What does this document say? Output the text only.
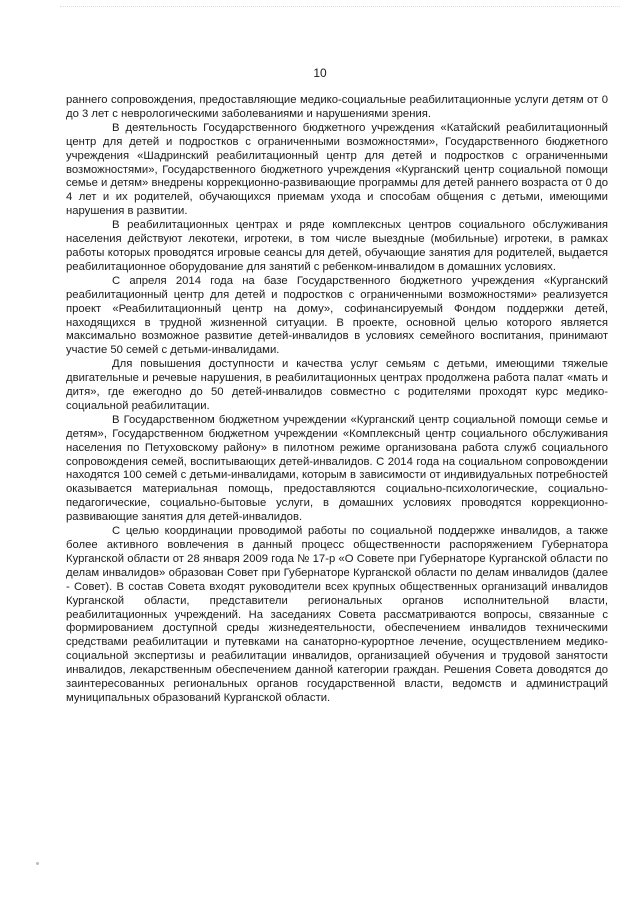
10

раннего сопровождения, предоставляющие медико-социальные реабилитационные услуги детям от 0 до 3 лет с неврологическими заболеваниями и нарушениями зрения.

В деятельность Государственного бюджетного учреждения «Катайский реабилитационный центр для детей и подростков с ограниченными возможностями», Государственного бюджетного учреждения «Шадринский реабилитационный центр для детей и подростков с ограниченными возможностями», Государственного бюджетного учреждения «Курганский центр социальной помощи семье и детям» внедрены коррекционно-развивающие программы для детей раннего возраста от 0 до 4 лет и их родителей, обучающихся приемам ухода и способам общения с детьми, имеющими нарушения в развитии.

В реабилитационных центрах и ряде комплексных центров социального обслуживания населения действуют лекотеки, игротеки, в том числе выездные (мобильные) игротеки, в рамках работы которых проводятся игровые сеансы для детей, обучающие занятия для родителей, выдается реабилитационное оборудование для занятий с ребенком-инвалидом в домашних условиях.

С апреля 2014 года на базе Государственного бюджетного учреждения «Курганский реабилитационный центр для детей и подростков с ограниченными возможностями» реализуется проект «Реабилитационный центр на дому», софинансируемый Фондом поддержки детей, находящихся в трудной жизненной ситуации. В проекте, основной целью которого является максимально возможное развитие детей-инвалидов в условиях семейного воспитания, принимают участие 50 семей с детьми-инвалидами.

Для повышения доступности и качества услуг семьям с детьми, имеющими тяжелые двигательные и речевые нарушения, в реабилитационных центрах продолжена работа палат «мать и дитя», где ежегодно до 50 детей-инвалидов совместно с родителями проходят курс медико-социальной реабилитации.

В Государственном бюджетном учреждении «Курганский центр социальной помощи семье и детям», Государственном бюджетном учреждении «Комплексный центр социального обслуживания населения по Петуховскому району» в пилотном режиме организована работа служб социального сопровождения семей, воспитывающих детей-инвалидов. С 2014 года на социальном сопровождении находятся 100 семей с детьми-инвалидами, которым в зависимости от индивидуальных потребностей оказывается материальная помощь, предоставляются социально-психологические, социально-педагогические, социально-бытовые услуги, в домашних условиях проводятся коррекционно-развивающие занятия для детей-инвалидов.

С целью координации проводимой работы по социальной поддержке инвалидов, а также более активного вовлечения в данный процесс общественности распоряжением Губернатора Курганской области от 28 января 2009 года № 17-р «О Совете при Губернаторе Курганской области по делам инвалидов» образован Совет при Губернаторе Курганской области по делам инвалидов (далее - Совет). В состав Совета входят руководители всех крупных общественных организаций инвалидов Курганской области, представители региональных органов исполнительной власти, реабилитационных учреждений. На заседаниях Совета рассматриваются вопросы, связанные с формированием доступной среды жизнедеятельности, обеспечением инвалидов техническими средствами реабилитации и путевками на санаторно-курортное лечение, осуществлением медико-социальной экспертизы и реабилитации инвалидов, организацией обучения и трудовой занятости инвалидов, лекарственным обеспечением данной категории граждан. Решения Совета доводятся до заинтересованных региональных органов государственной власти, ведомств и администраций муниципальных образований Курганской области.
